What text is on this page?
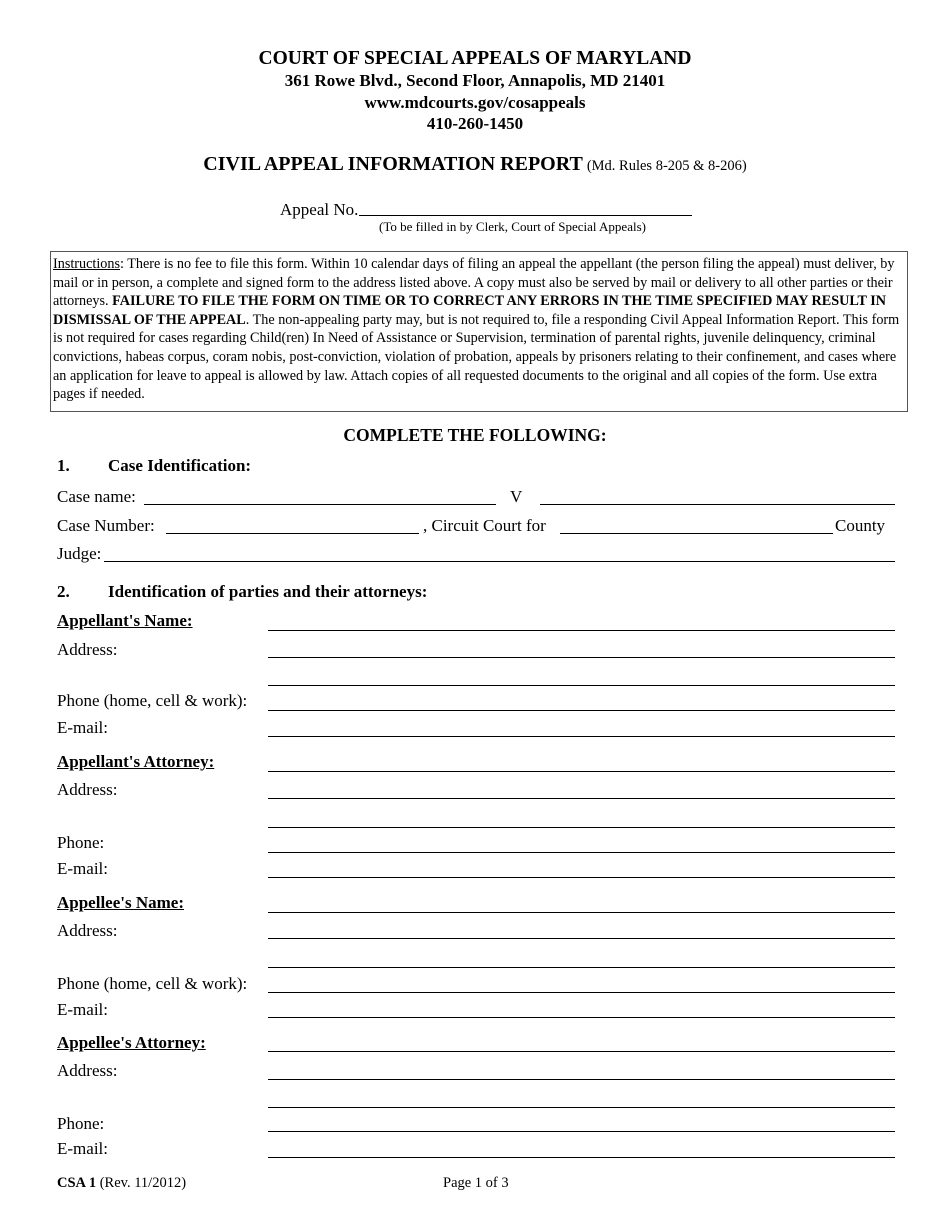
COURT OF SPECIAL APPEALS OF MARYLAND
361 Rowe Blvd., Second Floor, Annapolis, MD 21401
www.mdcourts.gov/cosappeals
410-260-1450
CIVIL APPEAL INFORMATION REPORT (Md. Rules 8-205 & 8-206)
Appeal No.
(To be filled in by Clerk, Court of Special Appeals)
Instructions: There is no fee to file this form. Within 10 calendar days of filing an appeal the appellant (the person filing the appeal) must deliver, by mail or in person, a complete and signed form to the address listed above. A copy must also be served by mail or delivery to all other parties or their attorneys. FAILURE TO FILE THE FORM ON TIME OR TO CORRECT ANY ERRORS IN THE TIME SPECIFIED MAY RESULT IN DISMISSAL OF THE APPEAL. The non-appealing party may, but is not required to, file a responding Civil Appeal Information Report. This form is not required for cases regarding Child(ren) In Need of Assistance or Supervision, termination of parental rights, juvenile delinquency, criminal convictions, habeas corpus, coram nobis, post-conviction, violation of probation, appeals by prisoners relating to their confinement, and cases where an application for leave to appeal is allowed by law. Attach copies of all requested documents to the original and all copies of the form. Use extra pages if needed.
COMPLETE THE FOLLOWING:
1. Case Identification:
Case name:	V
Case Number:	, Circuit Court for	County
Judge:
2. Identification of parties and their attorneys:
Appellant's Name:
Address:
Phone (home, cell & work):
E-mail:
Appellant's Attorney:
Address:
Phone:
E-mail:
Appellee's Name:
Address:
Phone (home, cell & work):
E-mail:
Appellee's Attorney:
Address:
Phone:
E-mail:
CSA 1 (Rev. 11/2012)	Page 1 of 3
